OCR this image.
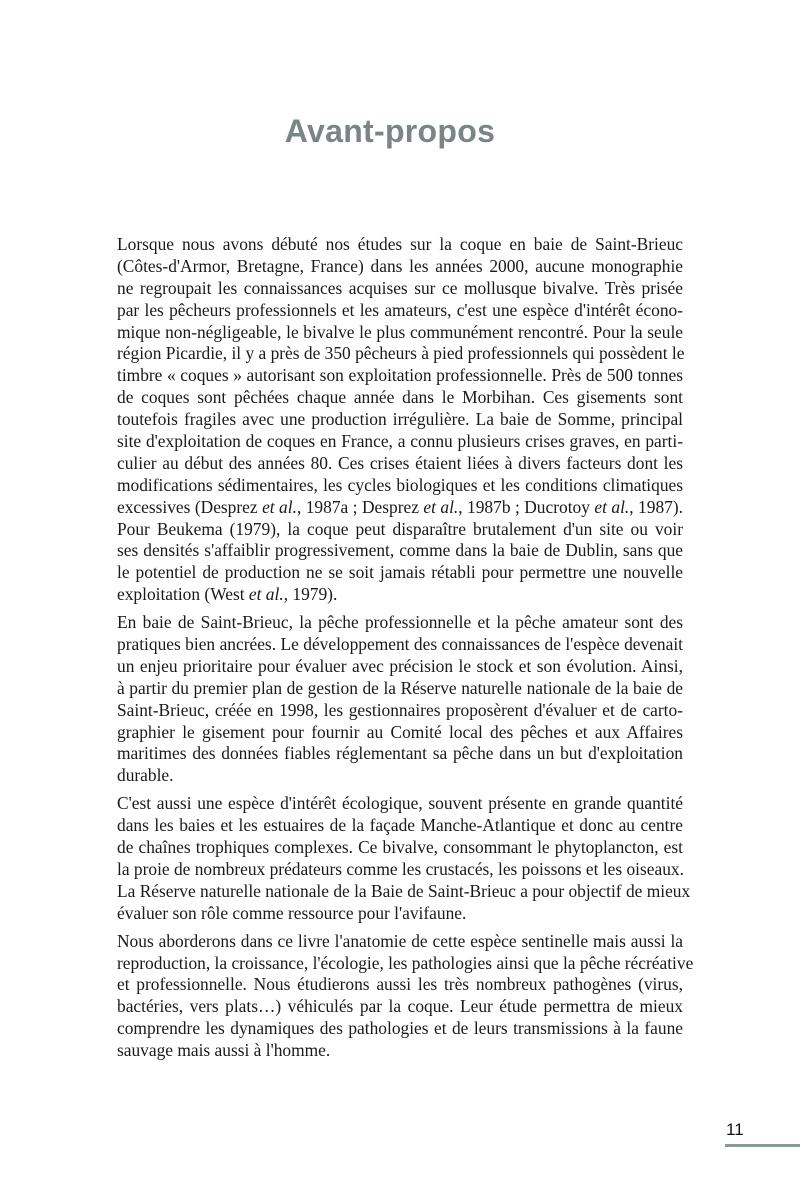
Avant-propos
Lorsque nous avons débuté nos études sur la coque en baie de Saint-Brieuc
(Côtes-d'Armor, Bretagne, France) dans les années 2000, aucune monographie
ne regroupait les connaissances acquises sur ce mollusque bivalve. Très prisée
par les pêcheurs professionnels et les amateurs, c'est une espèce d'intérêt écono-
mique non-négligeable, le bivalve le plus communément rencontré. Pour la seule
région Picardie, il y a près de 350 pêcheurs à pied professionnels qui possèdent le
timbre « coques » autorisant son exploitation professionnelle. Près de 500 tonnes
de coques sont pêchées chaque année dans le Morbihan. Ces gisements sont
toutefois fragiles avec une production irrégulière. La baie de Somme, principal
site d'exploitation de coques en France, a connu plusieurs crises graves, en parti-
culier au début des années 80. Ces crises étaient liées à divers facteurs dont les
modifications sédimentaires, les cycles biologiques et les conditions climatiques
excessives (Desprez et al., 1987a ; Desprez et al., 1987b ; Ducrotoy et al., 1987).
Pour Beukema (1979), la coque peut disparaître brutalement d'un site ou voir
ses densités s'affaiblir progressivement, comme dans la baie de Dublin, sans que
le potentiel de production ne se soit jamais rétabli pour permettre une nouvelle
exploitation (West et al., 1979).
En baie de Saint-Brieuc, la pêche professionnelle et la pêche amateur sont des
pratiques bien ancrées. Le développement des connaissances de l'espèce devenait
un enjeu prioritaire pour évaluer avec précision le stock et son évolution. Ainsi,
à partir du premier plan de gestion de la Réserve naturelle nationale de la baie de
Saint-Brieuc, créée en 1998, les gestionnaires proposèrent d'évaluer et de carto-
graphier le gisement pour fournir au Comité local des pêches et aux Affaires
maritimes des données fiables réglementant sa pêche dans un but d'exploitation
durable.
C'est aussi une espèce d'intérêt écologique, souvent présente en grande quantité
dans les baies et les estuaires de la façade Manche-Atlantique et donc au centre
de chaînes trophiques complexes. Ce bivalve, consommant le phytoplancton, est
la proie de nombreux prédateurs comme les crustacés, les poissons et les oiseaux.
La Réserve naturelle nationale de la Baie de Saint-Brieuc a pour objectif de mieux
évaluer son rôle comme ressource pour l'avifaune.
Nous aborderons dans ce livre l'anatomie de cette espèce sentinelle mais aussi la
reproduction, la croissance, l'écologie, les pathologies ainsi que la pêche récréative
et professionnelle. Nous étudierons aussi les très nombreux pathogènes (virus,
bactéries, vers plats…) véhiculés par la coque. Leur étude permettra de mieux
comprendre les dynamiques des pathologies et de leurs transmissions à la faune
sauvage mais aussi à l'homme.
11
